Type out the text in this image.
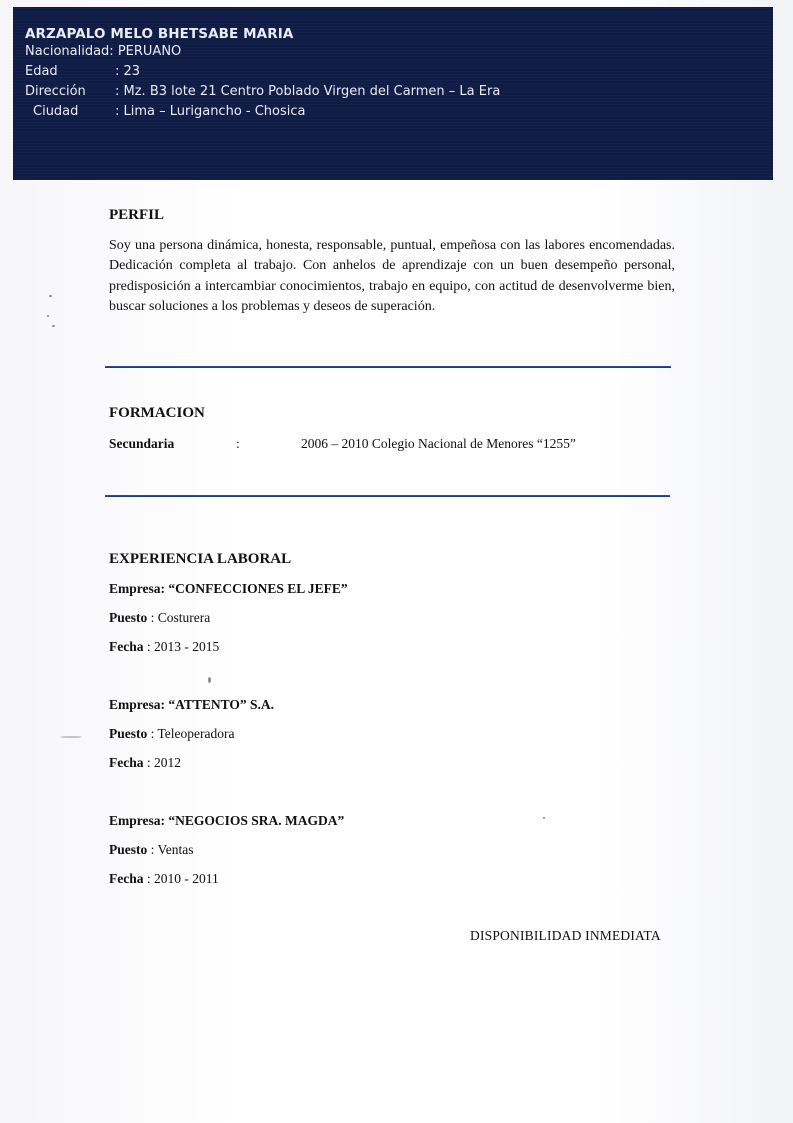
ARZAPALO MELO BHETSABE MARIA
Nacionalidad: PERUANO
Edad	: 23
Dirección : Mz. B3 lote 21 Centro Poblado Virgen del Carmen – La Era
Ciudad	: Lima – Lurigancho - Chosica
PERFIL

Soy una persona dinámica, honesta, responsable, puntual, empeñosa con las labores encomendadas. Dedicación completa al trabajo. Con anhelos de aprendizaje con un buen desempeño personal, predisposición a intercambiar conocimientos, trabajo en equipo, con actitud de desenvolverme bien, buscar soluciones a los problemas y deseos de superación.

FORMACION
Secundaria	:	2006 – 2010 Colegio Nacional de Menores “1255”
EXPERIENCIA LABORAL
Empresa: “CONFECCIONES EL JEFE”
Puesto : Costurera
Fecha : 2013 - 2015
Empresa: “ATTENTO” S.A.
Puesto : Teleoperadora
Fecha : 2012
Empresa: “NEGOCIOS SRA. MAGDA”
Puesto : Ventas
Fecha : 2010 - 2011
DISPONIBILIDAD INMEDIATA
